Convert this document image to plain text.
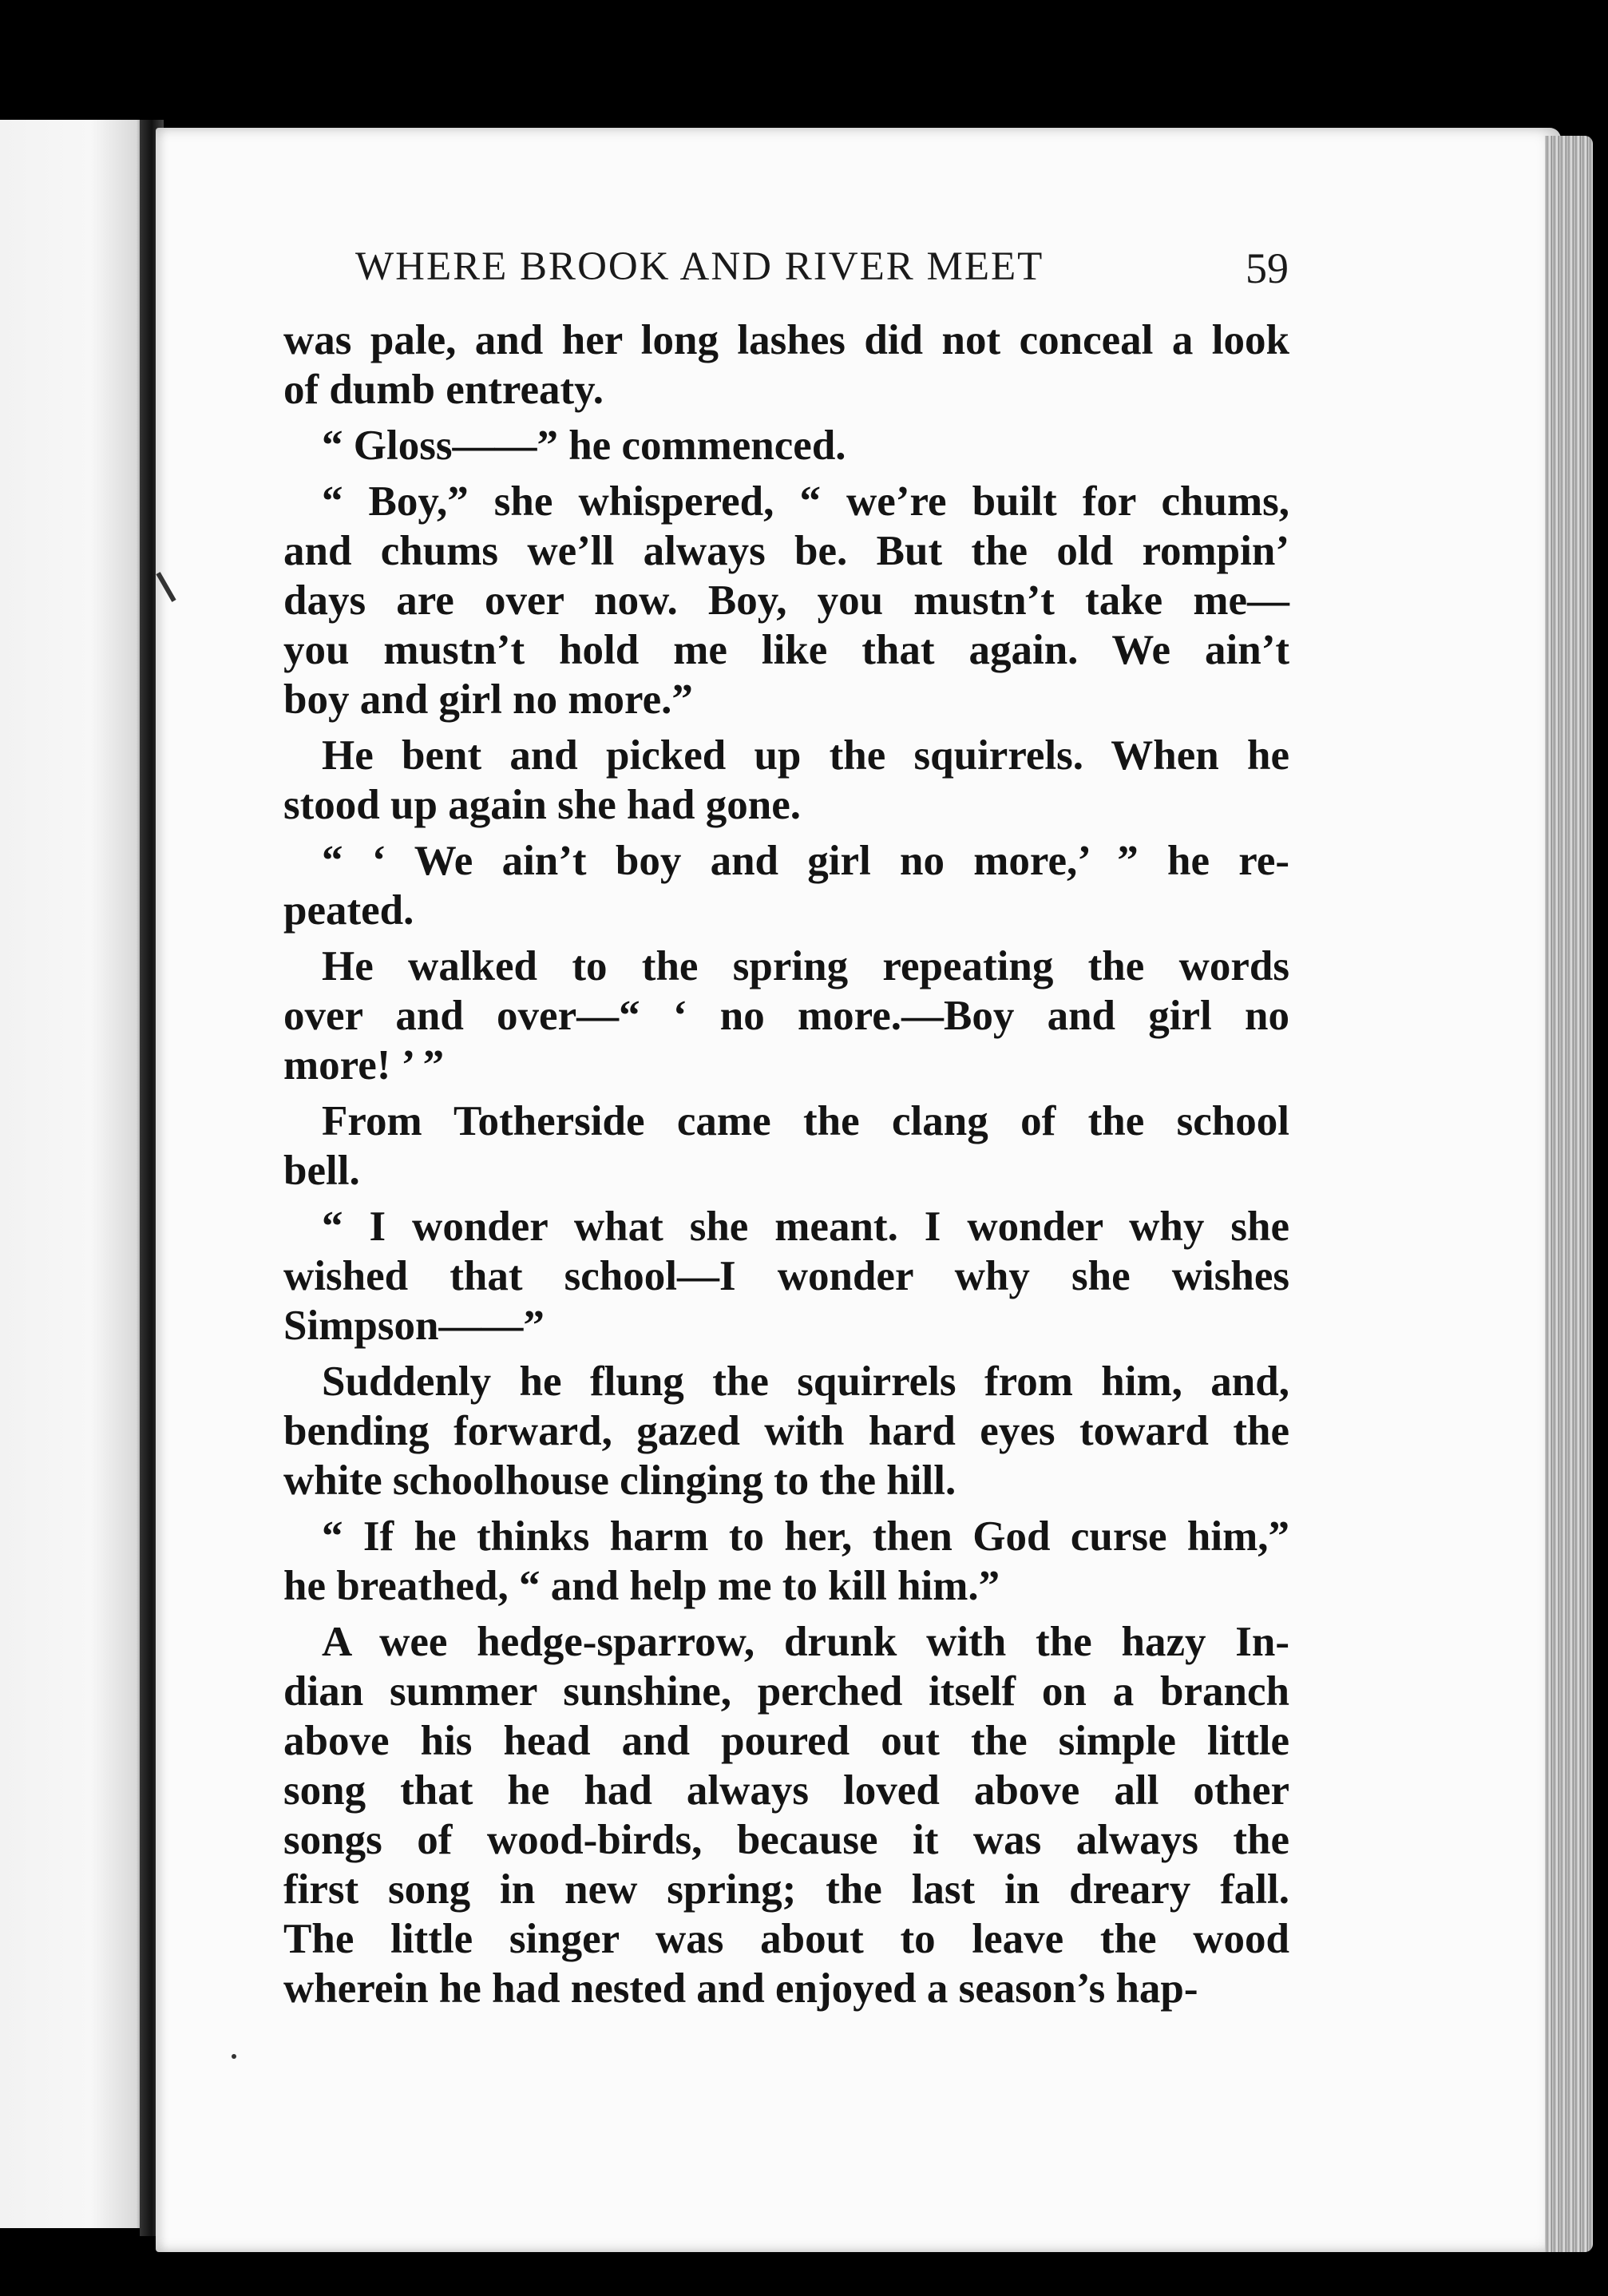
WHERE BROOK AND RIVER MEET	59
was pale, and her long lashes did not conceal a look
of dumb entreaty.
“ Gloss——” he commenced.
“ Boy,” she whispered, “ we’re built for chums,
and chums we’ll always be. But the old rompin’
days are over now. Boy, you mustn’t take me—
you mustn’t hold me like that again. We ain’t
boy and girl no more.”
He bent and picked up the squirrels. When he
stood up again she had gone.
“ ‘ We ain’t boy and girl no more,’ ” he re-
peated.
He walked to the spring repeating the words
over and over—“ ‘ no more.—Boy and girl no
more! ’ ”
From Totherside came the clang of the school
bell.
“ I wonder what she meant. I wonder why she
wished that school—I wonder why she wishes
Simpson——”
Suddenly he flung the squirrels from him, and,
bending forward, gazed with hard eyes toward the
white schoolhouse clinging to the hill.
“ If he thinks harm to her, then God curse him,”
he breathed, “ and help me to kill him.”
A wee hedge-sparrow, drunk with the hazy In-
dian summer sunshine, perched itself on a branch
above his head and poured out the simple little
song that he had always loved above all other
songs of wood-birds, because it was always the
first song in new spring; the last in dreary fall.
The little singer was about to leave the wood
wherein he had nested and enjoyed a season’s hap-
